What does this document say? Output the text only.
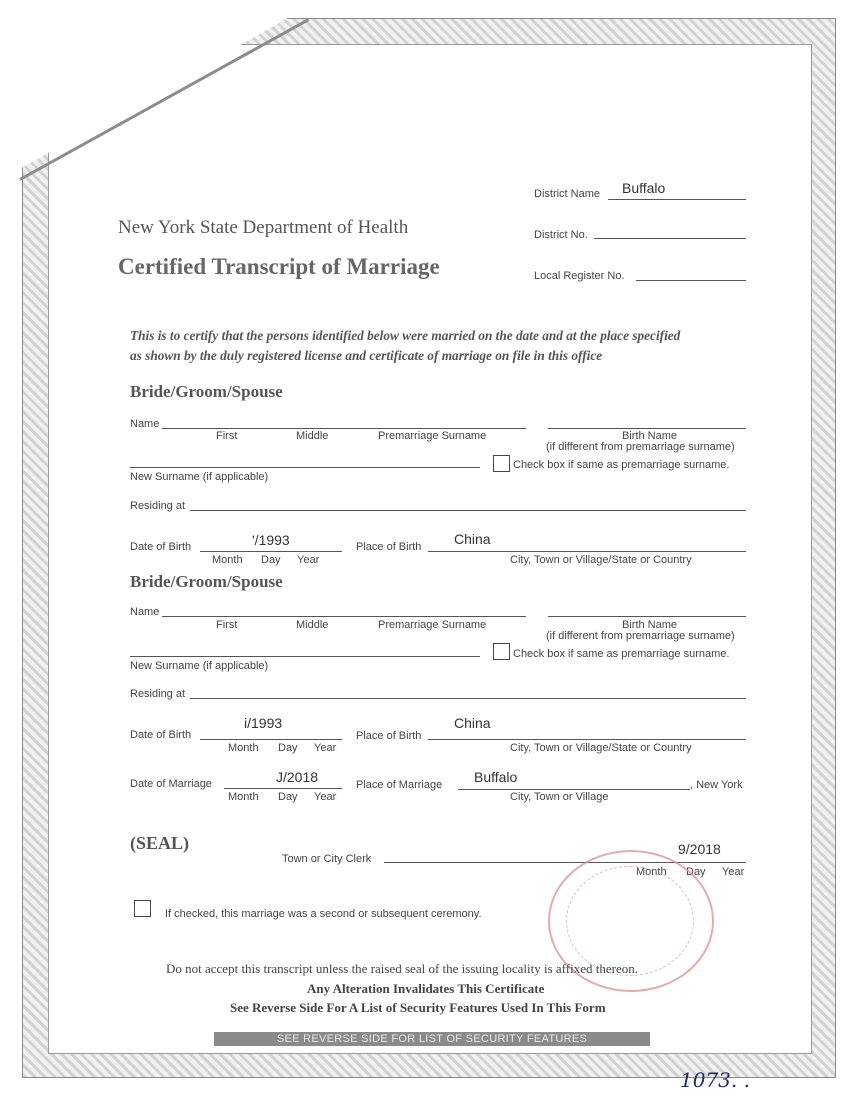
District Name Buffalo
New York State Department of Health	District No.
Certified Transcript of Marriage	Local Register No.
This is to certify that the persons identified below were married on the date and at the place specified
as shown by the duly registered license and certificate of marriage on file in this office
Bride/Groom/Spouse
Name
First	Middle	Premarriage Surname	Birth Name
(if different from premarriage surname)
Check box if same as premarriage surname.
New Surname (if applicable)
Residing at
Date of Birth	'/1993
Month Day Year
Place of Birth China
City, Town or Village/State or Country
Bride/Groom/Spouse
Name
First	Middle	Premarriage Surname	Birth Name
(if different from premarriage surname)
Check box if same as premarriage surname.
New Surname (if applicable)
Residing at
Date of Birth
i/1993
Month Day Year
Place of Birth
China
City, Town or Village/State or Country
Date of Marriage	J/2018
Month Day Year
Place of Marriage Buffalo	, New York
City, Town or Village
(SEAL)
Town or City Clerk
9/2018
Month Day Year
If checked, this marriage was a second or subsequent ceremony.
Do not accept this transcript unless the raised seal of the issuing locality is affixed thereon.
Any Alteration Invalidates This Certificate
See Reverse Side For A List of Security Features Used In This Form
SEE REVERSE SIDE FOR LIST OF SECURITY FEATURES
1073. .
